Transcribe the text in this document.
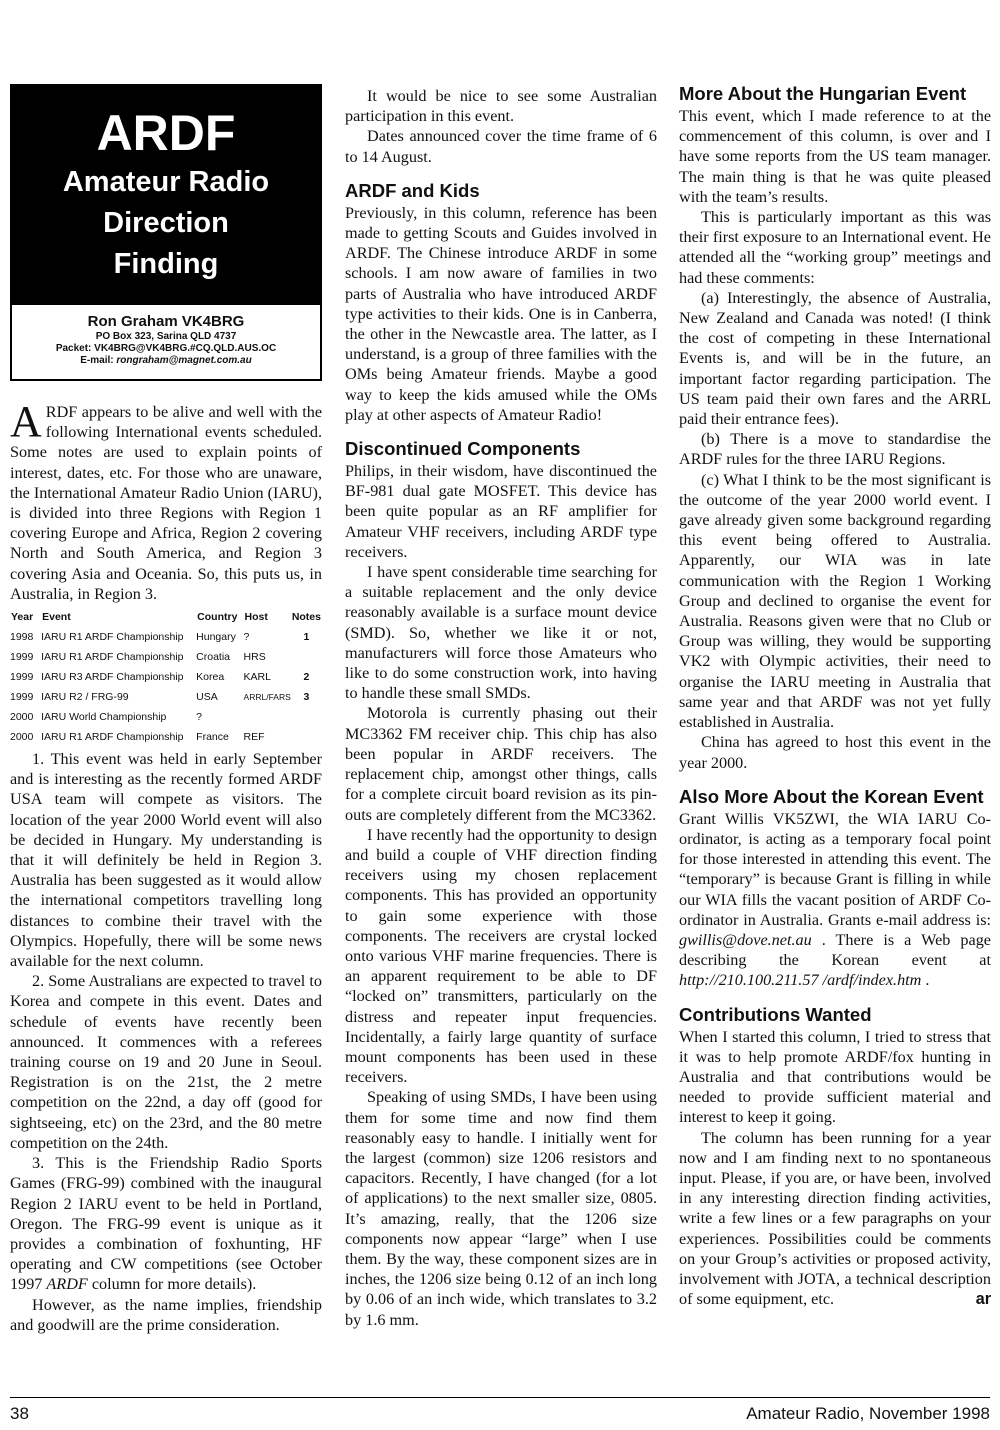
ARDF
Amateur Radio
Direction
Finding
Ron Graham VK4BRG
PO Box 323, Sarina QLD 4737
Packet: VK4BRG@VK4BRG.#CQ.QLD.AUS.OC
E-mail: rongraham@magnet.com.au

ARDF appears to be alive and well with the following International events scheduled. Some notes are used to explain points of interest, dates, etc. For those who are unaware, the International Amateur Radio Union (IARU), is divided into three Regions with Region 1 covering Europe and Africa, Region 2 covering North and South America, and Region 3 covering Asia and Oceania. So, this puts us, in Australia, in Region 3.

Year	Event	Country	Host	Notes
1998	IARU R1 ARDF Championship	Hungary	?	1
1999	IARU R1 ARDF Championship	Croatia	HRS	
1999	IARU R3 ARDF Championship	Korea	KARL	2
1999	IARU R2 / FRG-99	USA	ARRL/FARS	3
2000	IARU World Championship	?		
2000	IARU R1 ARDF Championship	France	REF	

1. This event was held in early September and is interesting as the recently formed ARDF USA team will compete as visitors. The location of the year 2000 World event will also be decided in Hungary. My understanding is that it will definitely be held in Region 3. Australia has been suggested as it would allow the international competitors travelling long distances to combine their travel with the Olympics. Hopefully, there will be some news available for the next column.

2. Some Australians are expected to travel to Korea and compete in this event. Dates and schedule of events have recently been announced. It commences with a referees training course on 19 and 20 June in Seoul. Registration is on the 21st, the 2 metre competition on the 22nd, a day off (good for sightseeing, etc) on the 23rd, and the 80 metre competition on the 24th.

3. This is the Friendship Radio Sports Games (FRG-99) combined with the inaugural Region 2 IARU event to be held in Portland, Oregon. The FRG-99 event is unique as it provides a combination of foxhunting, HF operating and CW competitions (see October 1997 ARDF column for more details).

However, as the name implies, friendship and goodwill are the prime consideration.

It would be nice to see some Australian participation in this event.

Dates announced cover the time frame of 6 to 14 August.

ARDF and Kids

Previously, in this column, reference has been made to getting Scouts and Guides involved in ARDF. The Chinese introduce ARDF in some schools. I am now aware of families in two parts of Australia who have introduced ARDF type activities to their kids. One is in Canberra, the other in the Newcastle area. The latter, as I understand, is a group of three families with the OMs being Amateur friends. Maybe a good way to keep the kids amused while the OMs play at other aspects of Amateur Radio!

Discontinued Components

Philips, in their wisdom, have discontinued the BF-981 dual gate MOSFET. This device has been quite popular as an RF amplifier for Amateur VHF receivers, including ARDF type receivers.

I have spent considerable time searching for a suitable replacement and the only device reasonably available is a surface mount device (SMD). So, whether we like it or not, manufacturers will force those Amateurs who like to do some construction work, into having to handle these small SMDs.

Motorola is currently phasing out their MC3362 FM receiver chip. This chip has also been popular in ARDF receivers. The replacement chip, amongst other things, calls for a complete circuit board revision as its pin-outs are completely different from the MC3362.

I have recently had the opportunity to design and build a couple of VHF direction finding receivers using my chosen replacement components. This has provided an opportunity to gain some experience with those components. The receivers are crystal locked onto various VHF marine frequencies. There is an apparent requirement to be able to DF “locked on” transmitters, particularly on the distress and repeater input frequencies. Incidentally, a fairly large quantity of surface mount components has been used in these receivers.

Speaking of using SMDs, I have been using them for some time and now find them reasonably easy to handle. I initially went for the largest (common) size 1206 resistors and capacitors. Recently, I have changed (for a lot of applications) to the next smaller size, 0805. It’s amazing, really, that the 1206 size components now appear “large” when I use them. By the way, these component sizes are in inches, the 1206 size being 0.12 of an inch long by 0.06 of an inch wide, which translates to 3.2 by 1.6 mm.

More About the Hungarian Event

This event, which I made reference to at the commencement of this column, is over and I have some reports from the US team manager. The main thing is that he was quite pleased with the team’s results.

This is particularly important as this was their first exposure to an International event. He attended all the “working group” meetings and had these comments:

(a) Interestingly, the absence of Australia, New Zealand and Canada was noted! (I think the cost of competing in these International Events is, and will be in the future, an important factor regarding participation. The US team paid their own fares and the ARRL paid their entrance fees).

(b) There is a move to standardise the ARDF rules for the three IARU Regions.

(c) What I think to be the most significant is the outcome of the year 2000 world event. I gave already given some background regarding this event being offered to Australia. Apparently, our WIA was in late communication with the Region 1 Working Group and declined to organise the event for Australia. Reasons given were that no Club or Group was willing, they would be supporting VK2 with Olympic activities, their need to organise the IARU meeting in Australia that same year and that ARDF was not yet fully established in Australia.

China has agreed to host this event in the year 2000.

Also More About the Korean Event

Grant Willis VK5ZWI, the WIA IARU Co-ordinator, is acting as a temporary focal point for those interested in attending this event. The “temporary” is because Grant is filling in while our WIA fills the vacant position of ARDF Co-ordinator in Australia. Grants e-mail address is: gwillis@dove.net.au . There is a Web page describing the Korean event at http://210.100.211.57 /ardf/index.htm .

Contributions Wanted

When I started this column, I tried to stress that it was to help promote ARDF/fox hunting in Australia and that contributions would be needed to provide sufficient material and interest to keep it going.

The column has been running for a year now and I am finding next to no spontaneous input. Please, if you are, or have been, involved in any interesting direction finding activities, write a few lines or a few paragraphs on your experiences. Possibilities could be comments on your Group’s activities or proposed activity, involvement with JOTA, a technical description of some equipment, etc.	ar

38	Amateur Radio, November 1998
